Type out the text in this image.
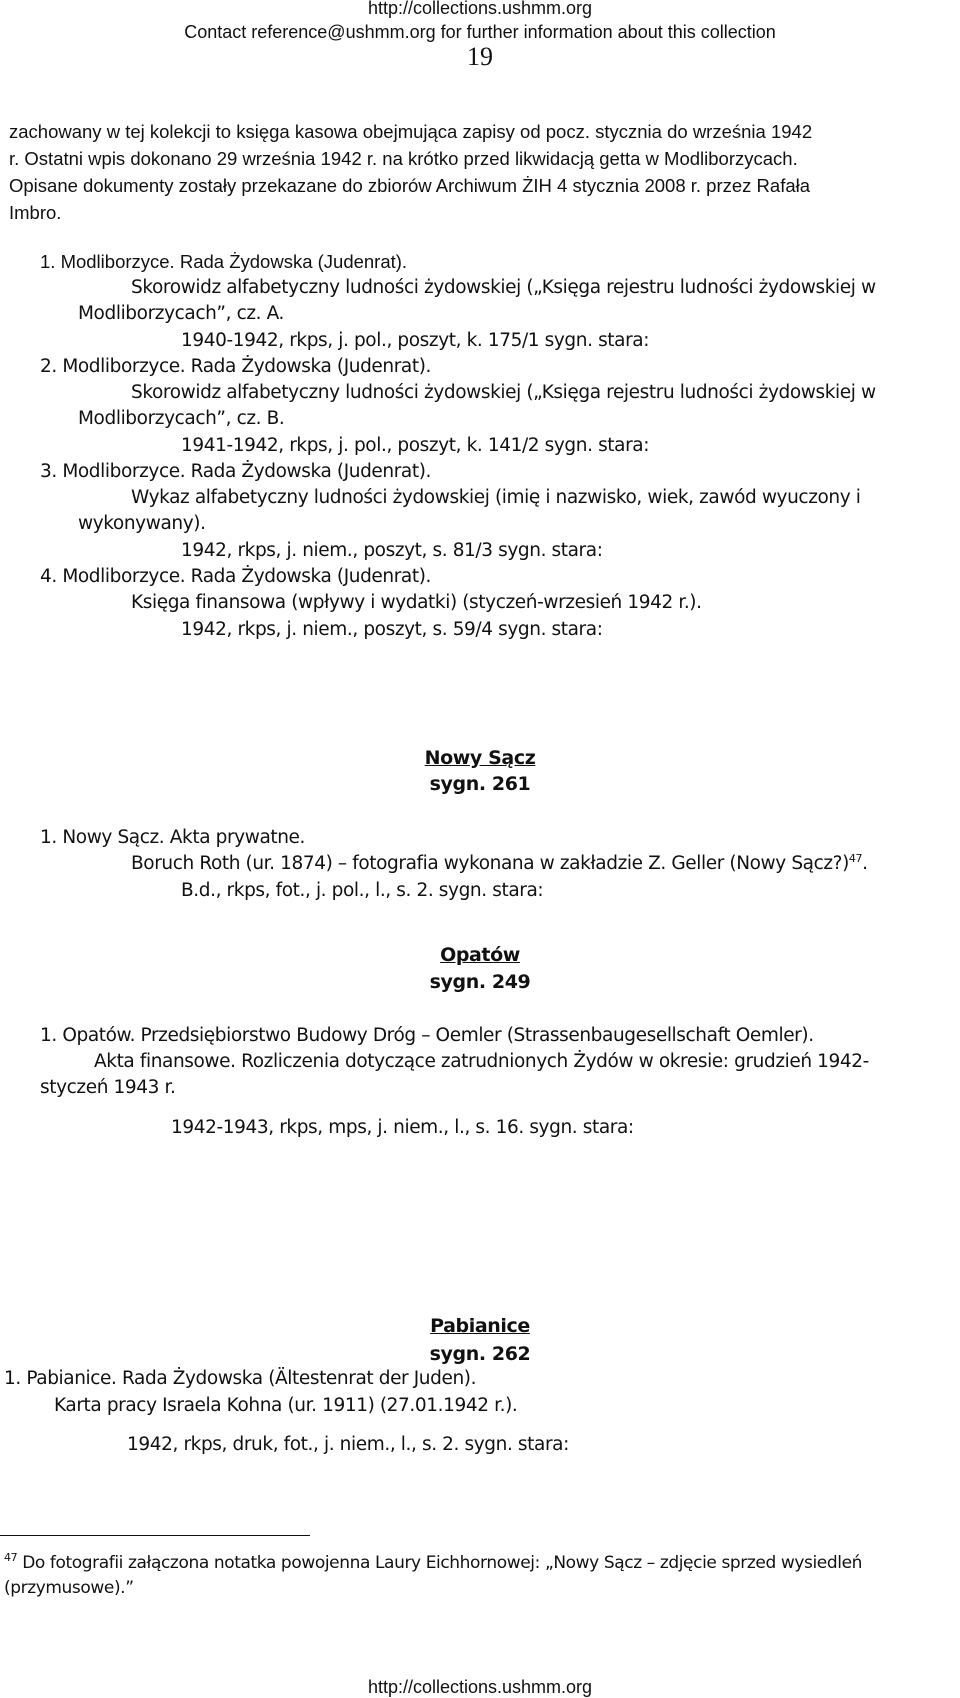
http://collections.ushmm.org
Contact reference@ushmm.org for further information about this collection
19
zachowany w tej kolekcji to księga kasowa obejmująca zapisy od pocz. stycznia do września 1942
r. Ostatni wpis dokonano 29 września 1942 r. na krótko przed likwidacją getta w Modliborzycach.
Opisane dokumenty zostały przekazane do zbiorów Archiwum ŻIH 4 stycznia 2008 r. przez Rafała
Imbro.
1. Modliborzyce. Rada Żydowska (Judenrat).
Skorowidz alfabetyczny ludności żydowskiej („Księga rejestru ludności żydowskiej w
Modliborzycach”, cz. A.
1940-1942, rkps, j. pol., poszyt, k. 175/1 sygn. stara:
2. Modliborzyce. Rada Żydowska (Judenrat).
Skorowidz alfabetyczny ludności żydowskiej („Księga rejestru ludności żydowskiej w
Modliborzycach”, cz. B.
1941-1942, rkps, j. pol., poszyt, k. 141/2 sygn. stara:
3. Modliborzyce. Rada Żydowska (Judenrat).
Wykaz alfabetyczny ludności żydowskiej (imię i nazwisko, wiek, zawód wyuczony i
wykonywany).
1942, rkps, j. niem., poszyt, s. 81/3 sygn. stara:
4. Modliborzyce. Rada Żydowska (Judenrat).
Księga finansowa (wpływy i wydatki) (styczeń-wrzesień 1942 r.).
1942, rkps, j. niem., poszyt, s. 59/4 sygn. stara:
Nowy Sącz
sygn. 261
1. Nowy Sącz. Akta prywatne.
Boruch Roth (ur. 1874) – fotografia wykonana w zakładzie Z. Geller (Nowy Sącz?)$^{47}$.
B.d., rkps, fot., j. pol., l., s. 2. sygn. stara:
Opatów
sygn. 249
1. Opatów. Przedsiębiorstwo Budowy Dróg – Oemler (Strassenbaugesellschaft Oemler).
Akta finansowe. Rozliczenia dotyczące zatrudnionych Żydów w okresie: grudzień 1942-
styczeń 1943 r.
1942-1943, rkps, mps, j. niem., l., s. 16. sygn. stara:
Pabianice
sygn. 262
1. Pabianice. Rada Żydowska (Ältestenrat der Juden).
Karta pracy Israela Kohna (ur. 1911) (27.01.1942 r.).
1942, rkps, druk, fot., j. niem., l., s. 2. sygn. stara:
$^{47}$ Do fotografii załączona notatka powojenna Laury Eichhornowej: „Nowy Sącz – zdjęcie sprzed wysiedleń
(przymusowe).”
http://collections.ushmm.org
